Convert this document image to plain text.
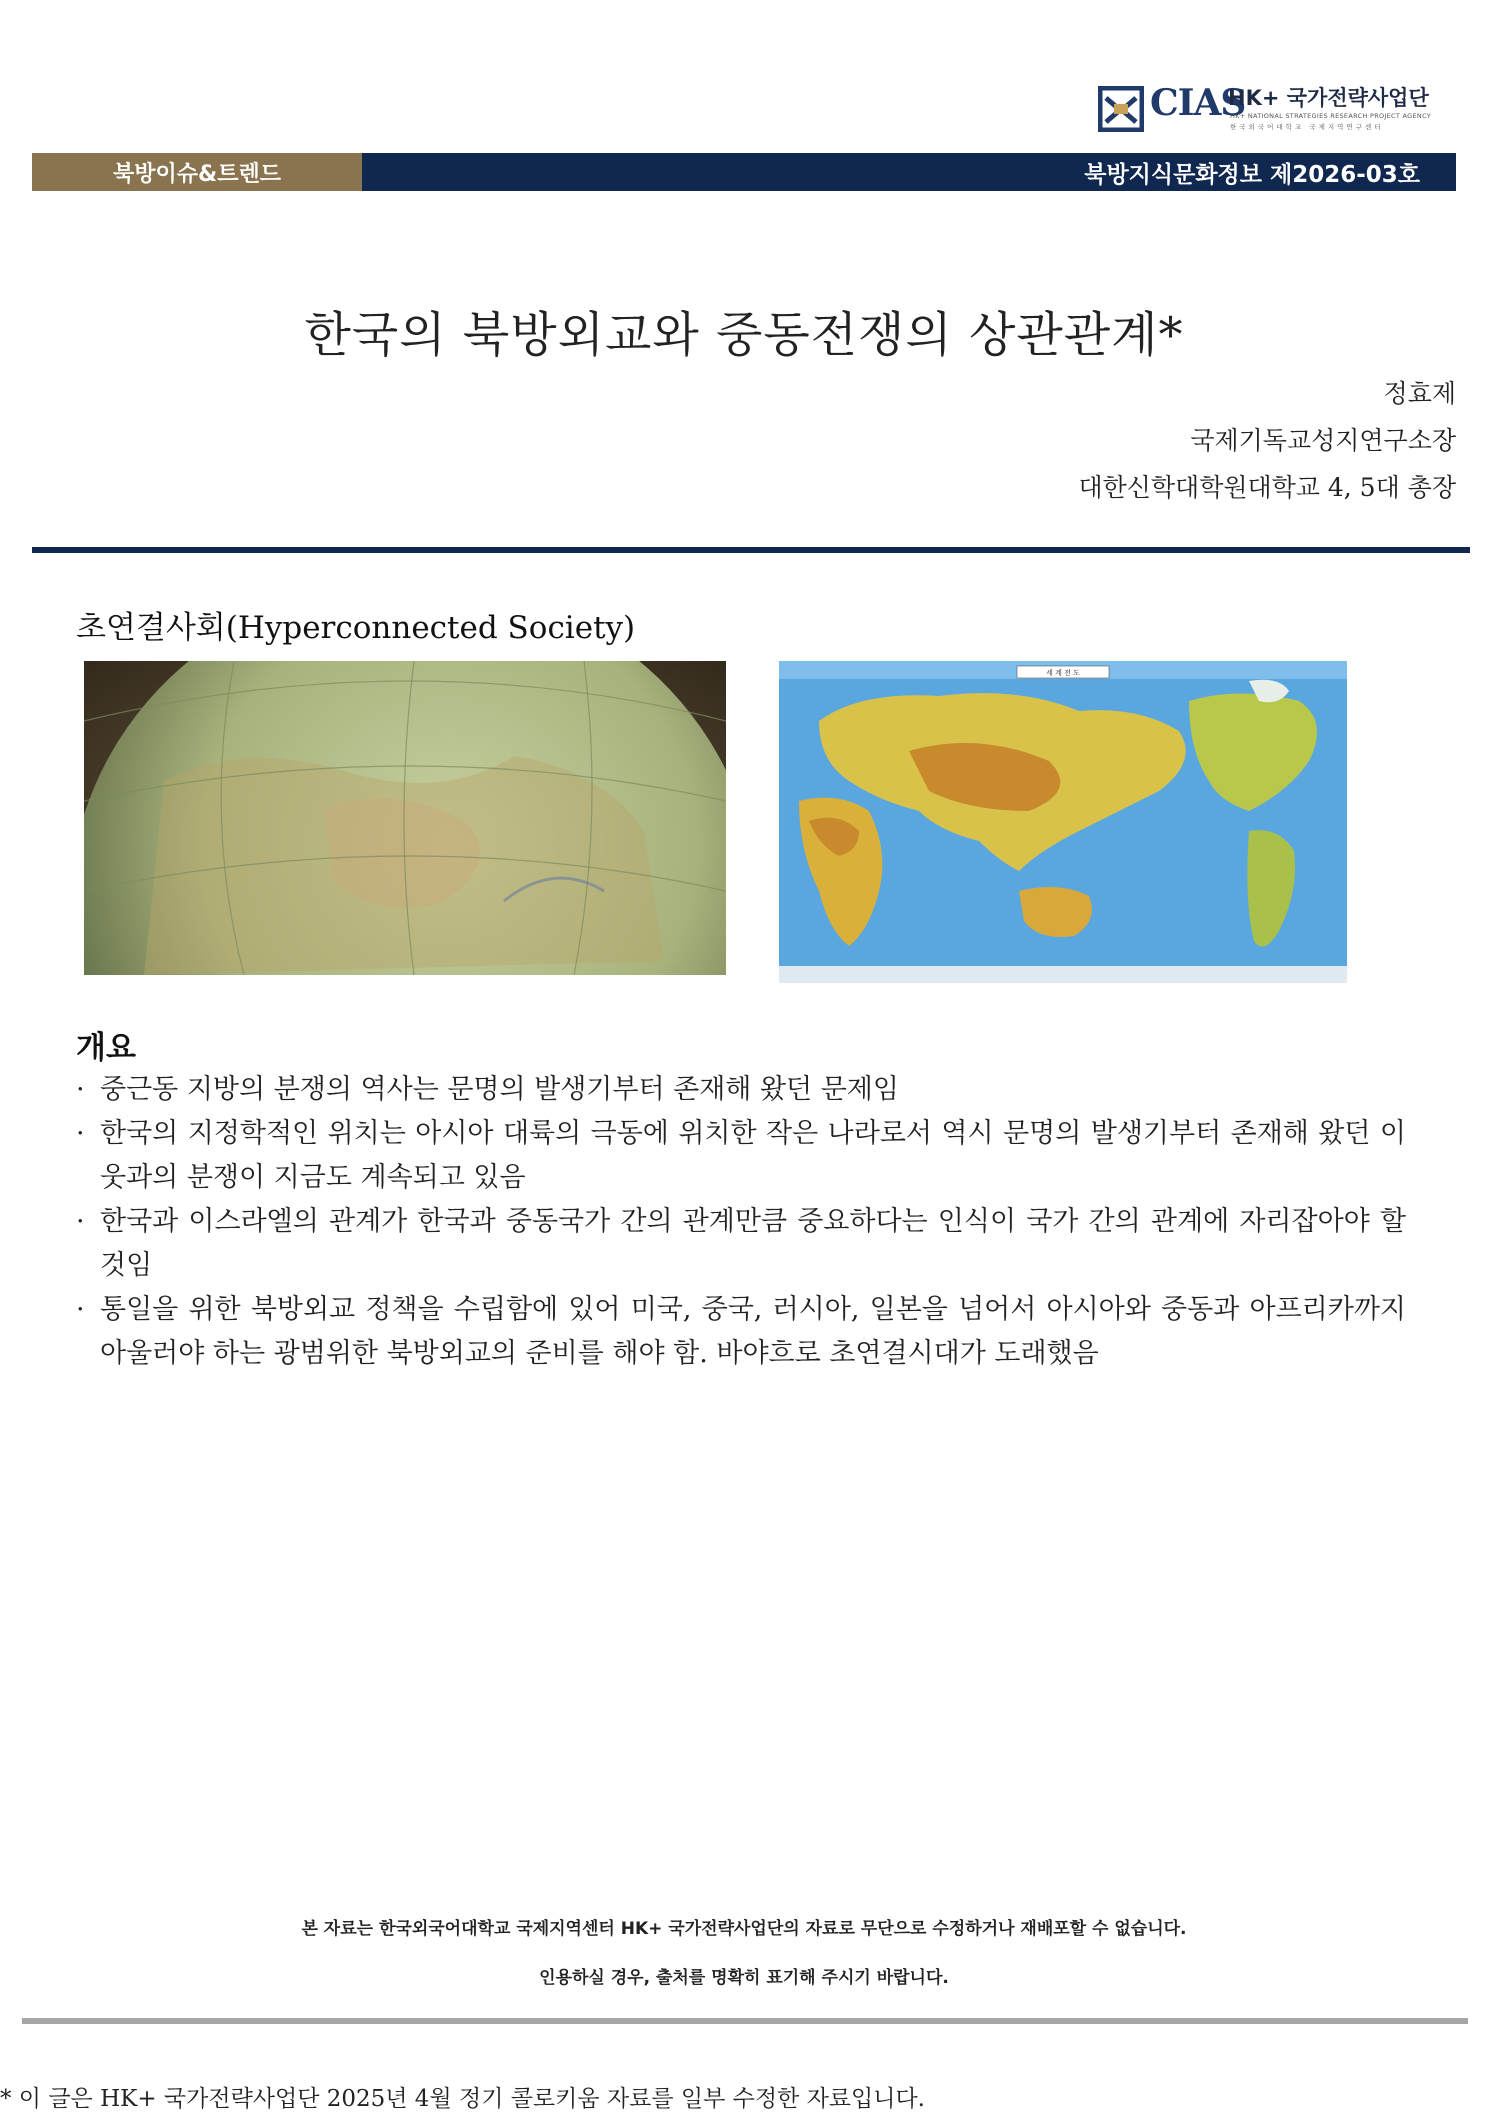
CIAS
HK+ 국가전략사업단
HK+ NATIONAL STRATEGIES RESEARCH PROJECT AGENCY
한국외국어대학교 국제지역연구센터
북방이슈&트렌드	북방지식문화정보 제2026-03호
한국의 북방외교와 중동전쟁의 상관관계*
정효제
국제기독교성지연구소장
대한신학대학원대학교 4, 5대 총장
초연결사회(Hyperconnected Society)
세 계 전 도
개요
· 중근동 지방의 분쟁의 역사는 문명의 발생기부터 존재해 왔던 문제임
· 한국의 지정학적인 위치는 아시아 대륙의 극동에 위치한 작은 나라로서 역시 문명의 발생기부터 존재해 왔던 이웃과의 분쟁이 지금도 계속되고 있음
· 한국과 이스라엘의 관계가 한국과 중동국가 간의 관계만큼 중요하다는 인식이 국가 간의 관계에 자리잡아야 할 것임
· 통일을 위한 북방외교 정책을 수립함에 있어 미국, 중국, 러시아, 일본을 넘어서 아시아와 중동과 아프리카까지 아울러야 하는 광범위한 북방외교의 준비를 해야 함. 바야흐로 초연결시대가 도래했음
본 자료는 한국외국어대학교 국제지역센터 HK+ 국가전략사업단의 자료로 무단으로 수정하거나 재배포할 수 없습니다.
인용하실 경우, 출처를 명확히 표기해 주시기 바랍니다.
* 이 글은 HK+ 국가전략사업단 2025년 4월 정기 콜로키움 자료를 일부 수정한 자료입니다.
